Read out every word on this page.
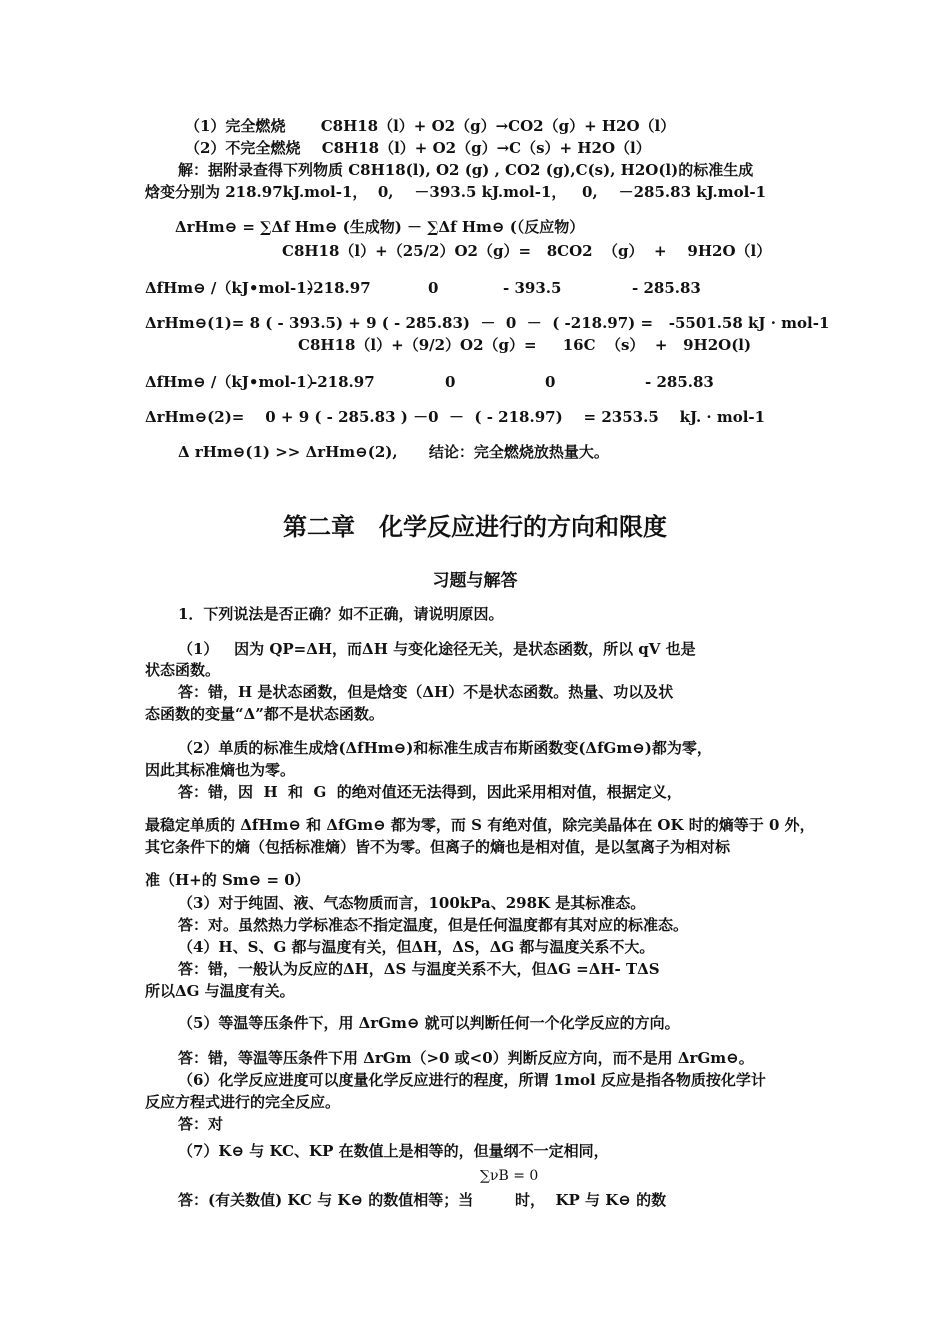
（1）完全燃烧 C8H18（l）+ O2（g）→CO2（g）+ H2O（l）
（2）不完全燃烧 C8H18（l）+ O2（g）→C（s）+ H2O（l）
解：据附录查得下列物质 C8H18(l), O2 (g) , CO2 (g),C(s), H2O(l)的标准生成
焓变分别为 218.97kJ.mol-1，  0,    －393.5 kJ.mol-1，   0,    －285.83 kJ.mol-1
ΔrHm⊖ = ∑Δf Hm⊖ (生成物) － ∑Δf Hm⊖ (（反应物）
C8H18（l）+（25/2）O2（g）=   8CO2  （g）  +    9H2O（l）
ΔfHm⊖ /（kJ•mol-1）
-218.97	0	- 393.5	- 285.83
ΔrHm⊖(1)= 8 ( - 393.5) + 9 ( - 285.83)  －  0  －  ( -218.97) =   -5501.58 kJ · mol-1
C8H18（l）+（9/2）O2（g）=     16C  （s）  +   9H2O(l)
ΔfHm⊖ /（kJ•mol-1）
-218.97	0	0	- 285.83
ΔrHm⊖(2)=    0 + 9 ( - 285.83 ) －0  －  ( - 218.97)    = 2353.5    kJ. · mol-1
Δ rHm⊖(1) >> ΔrHm⊖(2),      结论：完全燃烧放热量大。
第二章　化学反应进行的方向和限度
习题与解答
1．下列说法是否正确？如不正确，请说明原因。
（1）   因为 QP=ΔH，而ΔH 与变化途径无关，是状态函数，所以 qV 也是
状态函数。
答：错，H 是状态函数，但是焓变（ΔH）不是状态函数。热量、功以及状
态函数的变量“Δ”都不是状态函数。
（2）单质的标准生成焓(ΔfHm⊖)和标准生成吉布斯函数变(ΔfGm⊖)都为零，
因此其标准熵也为零。
答：错，因  H  和  G  的绝对值还无法得到，因此采用相对值，根据定义，
最稳定单质的 ΔfHm⊖ 和 ΔfGm⊖ 都为零，而 S 有绝对值，除完美晶体在 OK 时的熵等于 0 外，
其它条件下的熵（包括标准熵）皆不为零。但离子的熵也是相对值，是以氢离子为相对标
准（H+的 Sm⊖ = 0）
（3）对于纯固、液、气态物质而言，100kPa、298K 是其标准态。
答：对。虽然热力学标准态不指定温度，但是任何温度都有其对应的标准态。
（4）H、S、G 都与温度有关，但ΔH，ΔS，ΔG 都与温度关系不大。
答：错，一般认为反应的ΔH，ΔS 与温度关系不大，但ΔG =ΔH- TΔS
所以ΔG 与温度有关。
（5）等温等压条件下，用 ΔrGm⊖ 就可以判断任何一个化学反应的方向。
答：错，等温等压条件下用 ΔrGm（>0 或<0）判断反应方向，而不是用 ΔrGm⊖。
（6）化学反应进度可以度量化学反应进行的程度，所谓 1mol 反应是指各物质按化学计
反应方程式进行的完全反应。
答：对
（7）K⊖ 与 KC、KP 在数值上是相等的，但量纲不一定相同，
∑νB = 0
答：(有关数值) KC 与 K⊖ 的数值相等；当        时，  KP 与 K⊖ 的数
